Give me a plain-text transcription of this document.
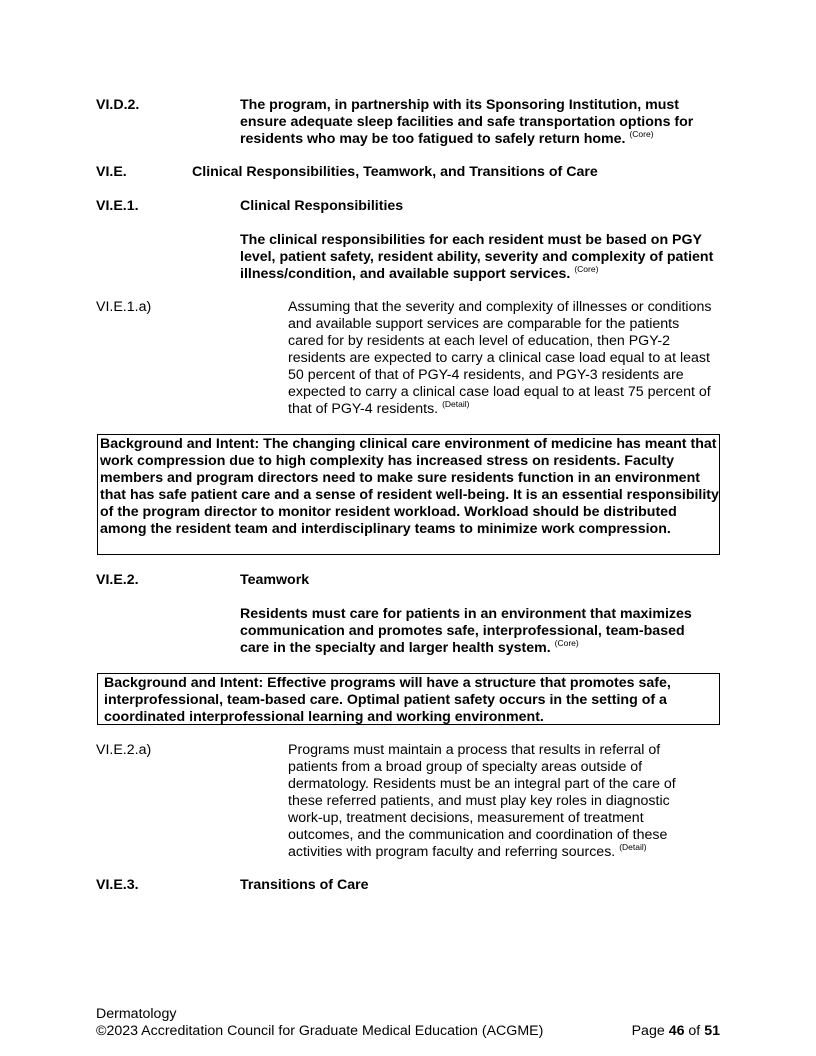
VI.D.2.	The program, in partnership with its Sponsoring Institution, must ensure adequate sleep facilities and safe transportation options for residents who may be too fatigued to safely return home. $^{(Core)}$
VI.E.	Clinical Responsibilities, Teamwork, and Transitions of Care
VI.E.1.	Clinical Responsibilities
The clinical responsibilities for each resident must be based on PGY level, patient safety, resident ability, severity and complexity of patient illness/condition, and available support services. $^{(Core)}$
VI.E.1.a)	Assuming that the severity and complexity of illnesses or conditions and available support services are comparable for the patients cared for by residents at each level of education, then PGY-2 residents are expected to carry a clinical case load equal to at least 50 percent of that of PGY-4 residents, and PGY-3 residents are expected to carry a clinical case load equal to at least 75 percent of that of PGY-4 residents. $^{(Detail)}$
Background and Intent: The changing clinical care environment of medicine has meant that work compression due to high complexity has increased stress on residents. Faculty members and program directors need to make sure residents function in an environment that has safe patient care and a sense of resident well-being. It is an essential responsibility of the program director to monitor resident workload. Workload should be distributed among the resident team and interdisciplinary teams to minimize work compression.
VI.E.2.	Teamwork
Residents must care for patients in an environment that maximizes communication and promotes safe, interprofessional, team-based care in the specialty and larger health system. $^{(Core)}$
Background and Intent: Effective programs will have a structure that promotes safe, interprofessional, team-based care. Optimal patient safety occurs in the setting of a coordinated interprofessional learning and working environment.
VI.E.2.a)	Programs must maintain a process that results in referral of patients from a broad group of specialty areas outside of dermatology. Residents must be an integral part of the care of these referred patients, and must play key roles in diagnostic work-up, treatment decisions, measurement of treatment outcomes, and the communication and coordination of these activities with program faculty and referring sources. $^{(Detail)}$
VI.E.3.	Transitions of Care
Dermatology
©2023 Accreditation Council for Graduate Medical Education (ACGME)	Page 46 of 51
